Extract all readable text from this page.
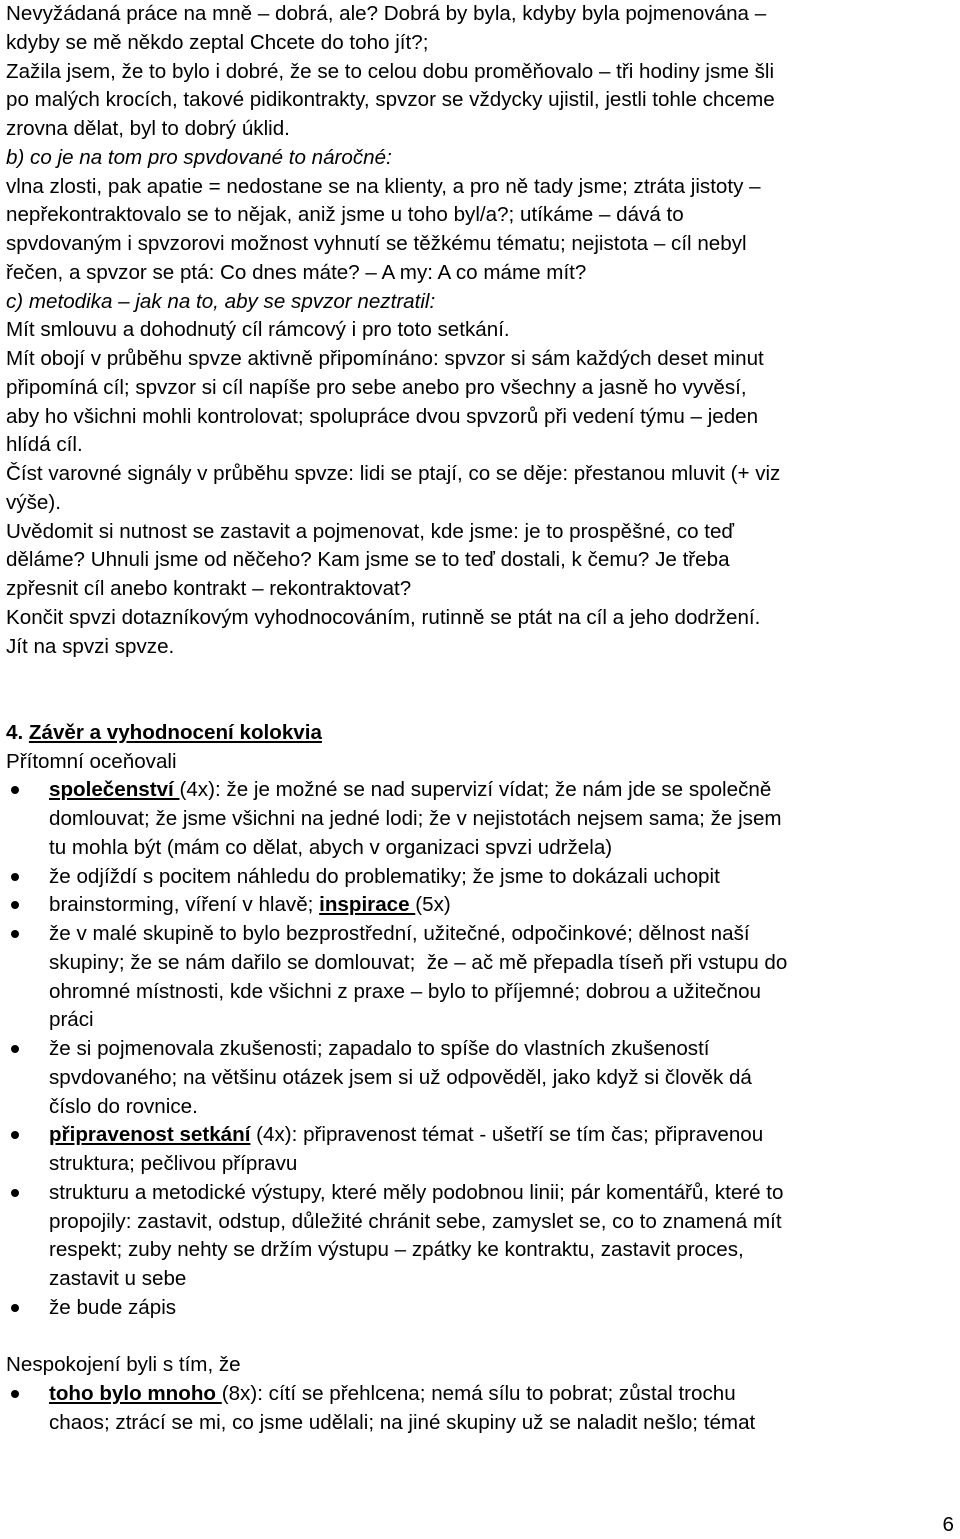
Nevyžádaná práce na mně – dobrá, ale? Dobrá by byla, kdyby byla pojmenována –
kdyby se mě někdo zeptal Chcete do toho jít?;
Zažila jsem, že to bylo i dobré, že se to celou dobu proměňovalo – tři hodiny jsme šli
po malých krocích, takové pidikontrakty, spvzor se vždycky ujistil, jestli tohle chceme
zrovna dělat, byl to dobrý úklid.
b) co je na tom pro spvdované to náročné:
vlna zlosti, pak apatie = nedostane se na klienty, a pro ně tady jsme; ztráta jistoty –
nepřekontraktovalo se to nějak, aniž jsme u toho byl/a?; utíkáme – dává to
spvdovaným i spvzorovi možnost vyhnutí se těžkému tématu; nejistota – cíl nebyl
řečen, a spvzor se ptá: Co dnes máte? – A my: A co máme mít?
c) metodika – jak na to, aby se spvzor neztratil:
Mít smlouvu a dohodnutý cíl rámcový i pro toto setkání.
Mít obojí v průběhu spvze aktivně připomínáno: spvzor si sám každých deset minut
připomíná cíl; spvzor si cíl napíše pro sebe anebo pro všechny a jasně ho vyvěsí,
aby ho všichni mohli kontrolovat; spolupráce dvou spvzorů při vedení týmu – jeden
hlídá cíl.
Číst varovné signály v průběhu spvze: lidi se ptají, co se děje: přestanou mluvit (+ viz
výše).
Uvědomit si nutnost se zastavit a pojmenovat, kde jsme: je to prospěšné, co teď
děláme? Uhnuli jsme od něčeho? Kam jsme se to teď dostali, k čemu? Je třeba
zpřesnit cíl anebo kontrakt – rekontraktovat?
Končit spvzi dotazníkovým vyhodnocováním, rutinně se ptát na cíl a jeho dodržení.
Jít na spvzi spvze.
4. Závěr a vyhodnocení kolokvia
Přítomní oceňovali
společenství (4x): že je možné se nad supervizí vídat; že nám jde se společně
domlouvat; že jsme všichni na jedné lodi; že v nejistotách nejsem sama; že jsem
tu mohla být (mám co dělat, abych v organizaci spvzi udržela)
že odjíždí s pocitem náhledu do problematiky; že jsme to dokázali uchopit
brainstorming, víření v hlavě; inspirace (5x)
že v malé skupině to bylo bezprostřední, užitečné, odpočinkové; dělnost naší
skupiny; že se nám dařilo se domlouvat;  že – ač mě přepadla tíseň při vstupu do
ohromné místnosti, kde všichni z praxe – bylo to příjemné; dobrou a užitečnou
práci
že si pojmenovala zkušenosti; zapadalo to spíše do vlastních zkušeností
spvdovaného; na většinu otázek jsem si už odpověděl, jako když si člověk dá
číslo do rovnice.
připravenost setkání (4x): připravenost témat - ušetří se tím čas; připravenou
struktura; pečlivou přípravu
strukturu a metodické výstupy, které měly podobnou linii; pár komentářů, které to
propojily: zastavit, odstup, důležité chránit sebe, zamyslet se, co to znamená mít
respekt; zuby nehty se držím výstupu – zpátky ke kontraktu, zastavit proces,
zastavit u sebe
že bude zápis
Nespokojení byli s tím, že
toho bylo mnoho (8x): cítí se přehlcena; nemá sílu to pobrat; zůstal trochu
chaos; ztrácí se mi, co jsme udělali; na jiné skupiny už se naladit nešlo; témat
6
